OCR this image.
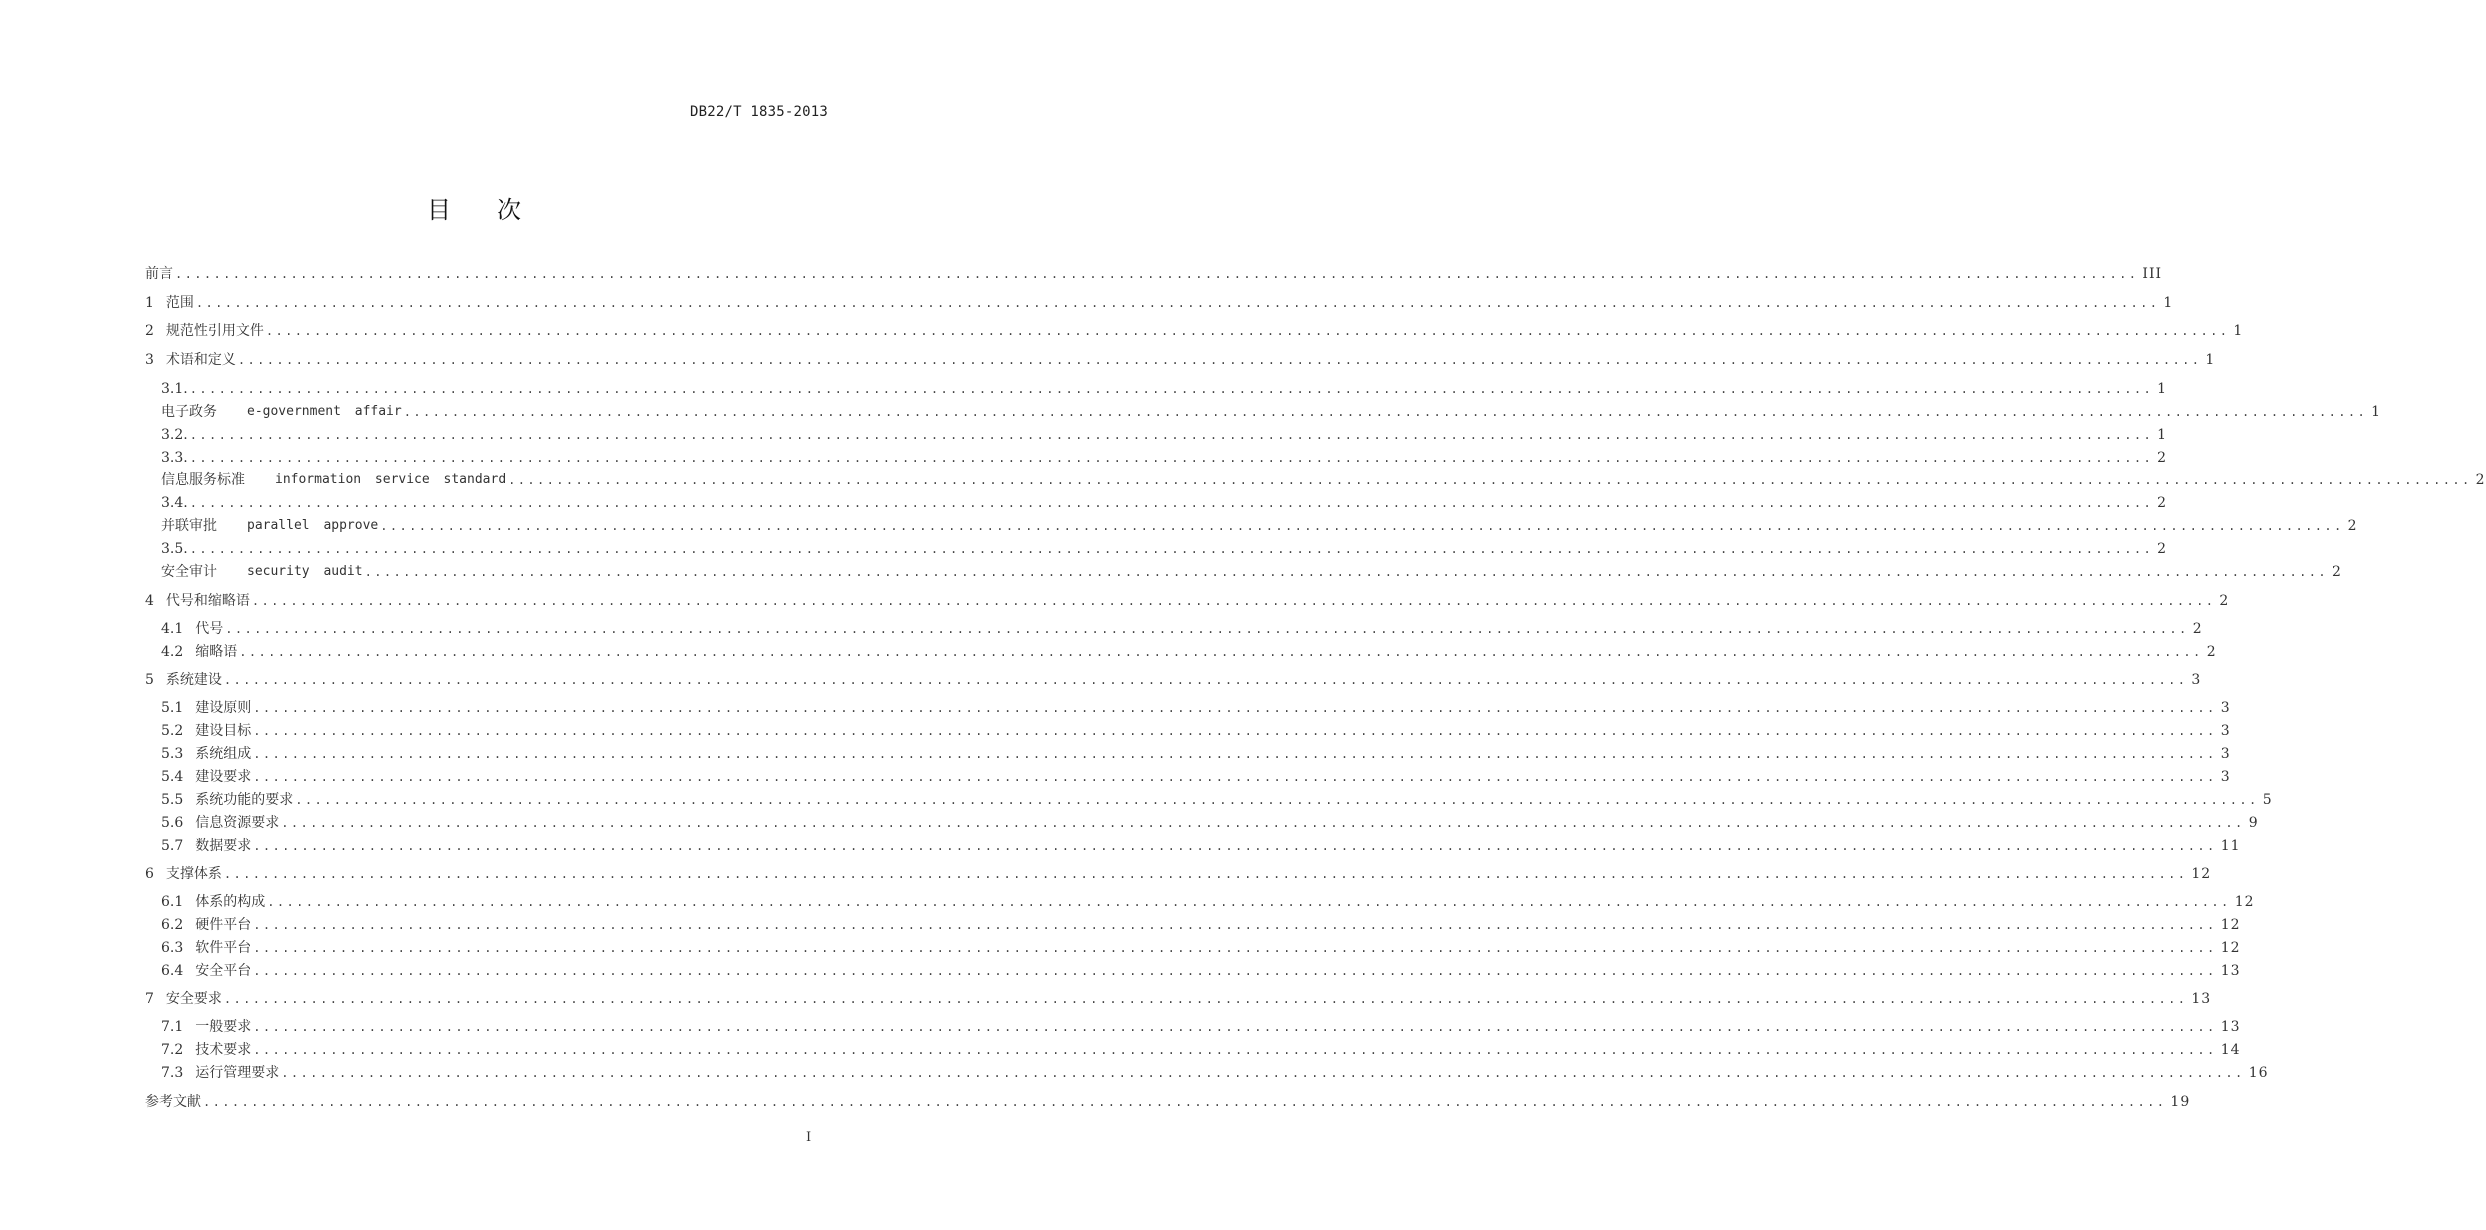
DB22/T 1835-2013
目 次
前言 ............................................................................................................................................................................................................ III
1 范围 ............................................................................................................................................................................................................ 1
2 规范性引用文件 ............................................................................................................................................................................................................ 1
3 术语和定义 ............................................................................................................................................................................................................ 1
3.1. ............................................................................................................................................................................................................ 1
电子政务 e-government affair ............................................................................................................................................................................................................ 1
3.2. ............................................................................................................................................................................................................ 1
3.3. ............................................................................................................................................................................................................ 2
信息服务标准 information service standard ............................................................................................................................................................................................................ 2
3.4. ............................................................................................................................................................................................................ 2
并联审批 parallel approve ............................................................................................................................................................................................................ 2
3.5. ............................................................................................................................................................................................................ 2
安全审计 security audit ............................................................................................................................................................................................................ 2
4 代号和缩略语 ............................................................................................................................................................................................................ 2
4.1 代号 ............................................................................................................................................................................................................ 2
4.2 缩略语 ............................................................................................................................................................................................................ 2
5 系统建设 ............................................................................................................................................................................................................ 3
5.1 建设原则 ............................................................................................................................................................................................................ 3
5.2 建设目标 ............................................................................................................................................................................................................ 3
5.3 系统组成 ............................................................................................................................................................................................................ 3
5.4 建设要求 ............................................................................................................................................................................................................ 3
5.5 系统功能的要求 ............................................................................................................................................................................................................ 5
5.6 信息资源要求 ............................................................................................................................................................................................................ 9
5.7 数据要求 ............................................................................................................................................................................................................ 11
6 支撑体系 ............................................................................................................................................................................................................ 12
6.1 体系的构成 ............................................................................................................................................................................................................ 12
6.2 硬件平台 ............................................................................................................................................................................................................ 12
6.3 软件平台 ............................................................................................................................................................................................................ 12
6.4 安全平台 ............................................................................................................................................................................................................ 13
7 安全要求 ............................................................................................................................................................................................................ 13
7.1 一般要求 ............................................................................................................................................................................................................ 13
7.2 技术要求 ............................................................................................................................................................................................................ 14
7.3 运行管理要求 ............................................................................................................................................................................................................ 16
参考文献 ............................................................................................................................................................................................................ 19
I
